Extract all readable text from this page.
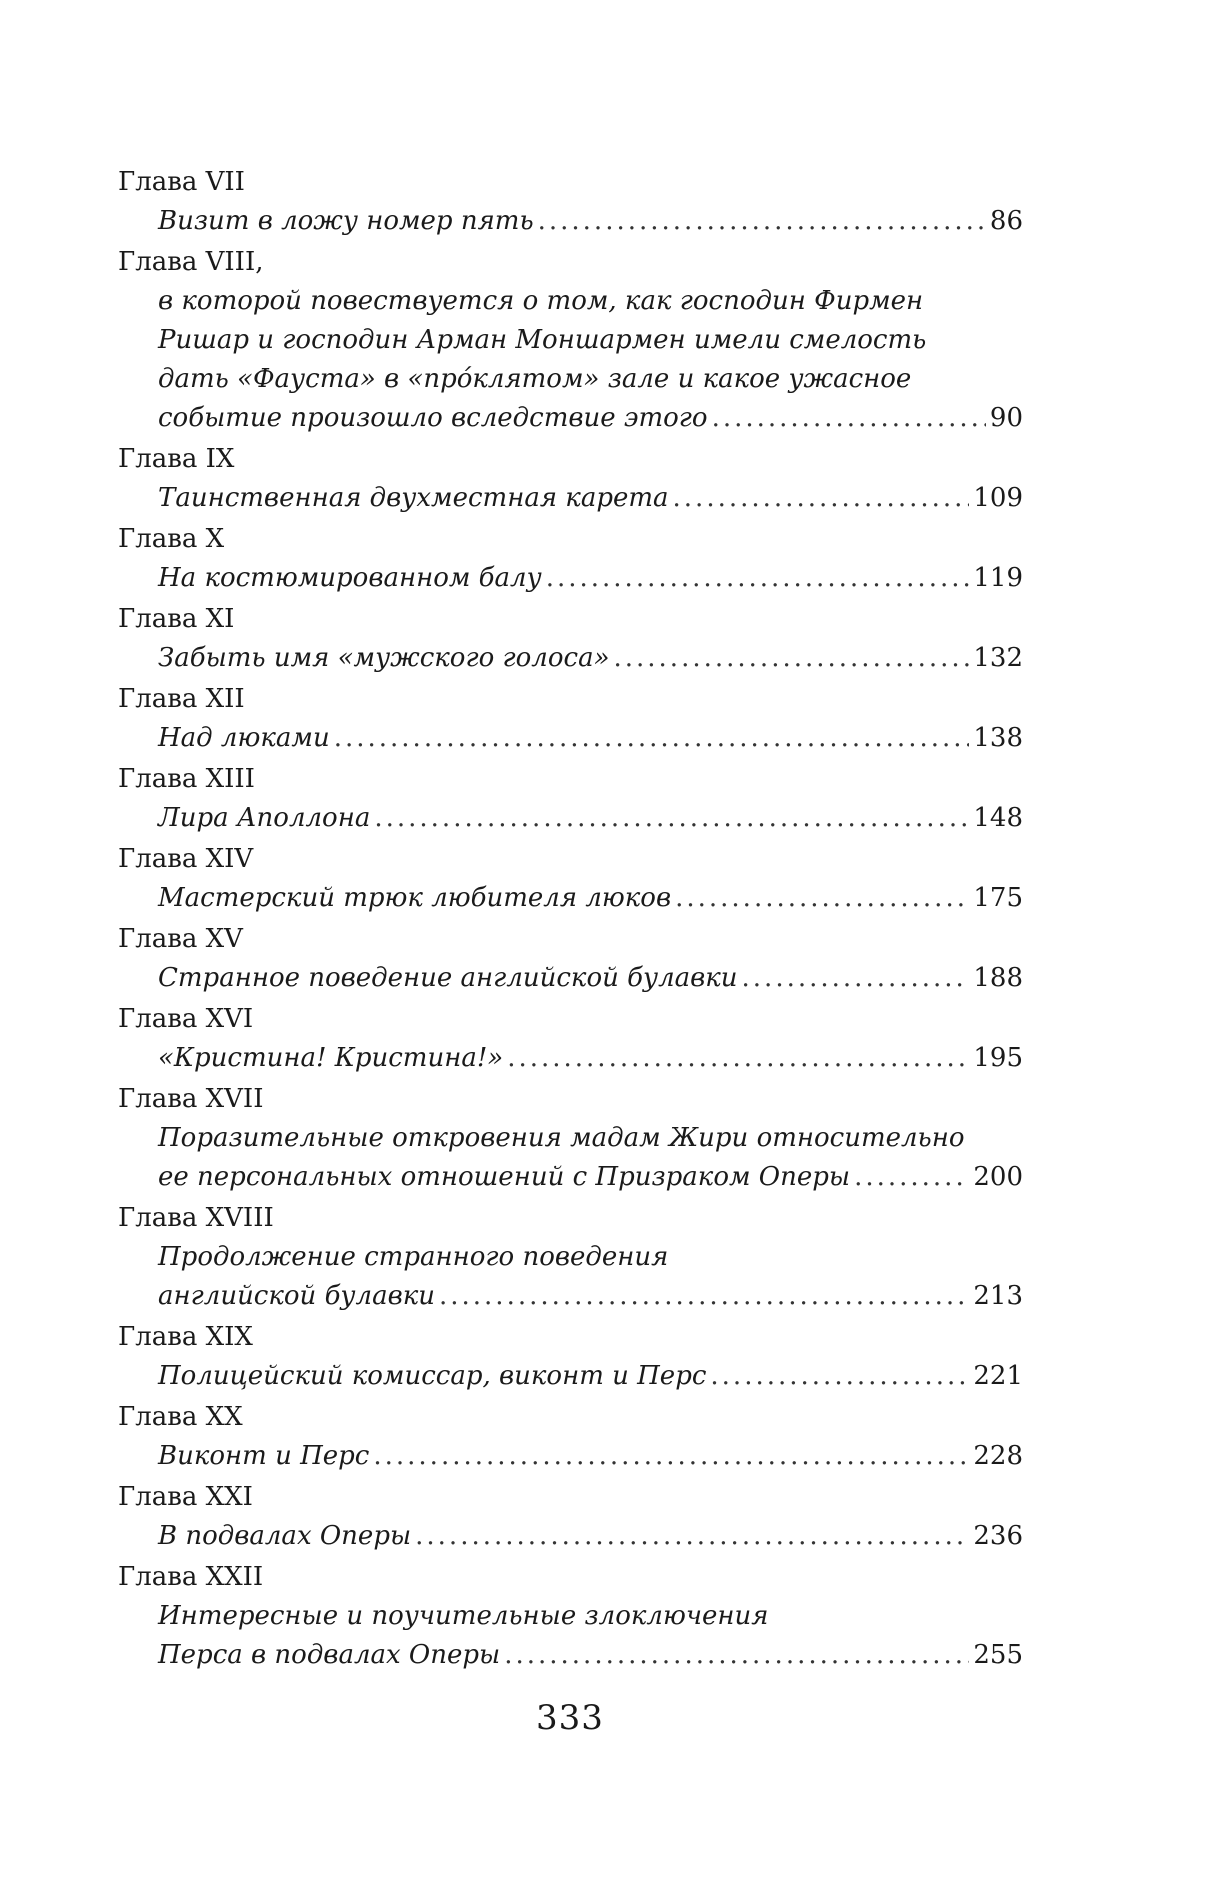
Глава VII
Визит в ложу номер пять .....	86
Глава VIII,
в которой повествуется о том, как господин Фирмен
Ришар и господин Арман Моншармен имели смелость
дать «Фауста» в «прóклятом» зале и какое ужасное
событие произошло вследствие этого .....	90
Глава IX
Таинственная двухместная карета .....	109
Глава X
На костюмированном балу .....	119
Глава XI
Забыть имя «мужского голоса» .....	132
Глава XII
Над люками .....	138
Глава XIII
Лира Аполлона .....	148
Глава XIV
Мастерский трюк любителя люков .....	175
Глава XV
Странное поведение английской булавки .....	188
Глава XVI
«Кристина! Кристина!» .....	195
Глава XVII
Поразительные откровения мадам Жири относительно
ее персональных отношений с Призраком Оперы .....	200
Глава XVIII
Продолжение странного поведения
английской булавки .....	213
Глава XIX
Полицейский комиссар, виконт и Перс .....	221
Глава XX
Виконт и Перс .....	228
Глава XXI
В подвалах Оперы .....	236
Глава XXII
Интересные и поучительные злоключения
Перса в подвалах Оперы .....	255
333
